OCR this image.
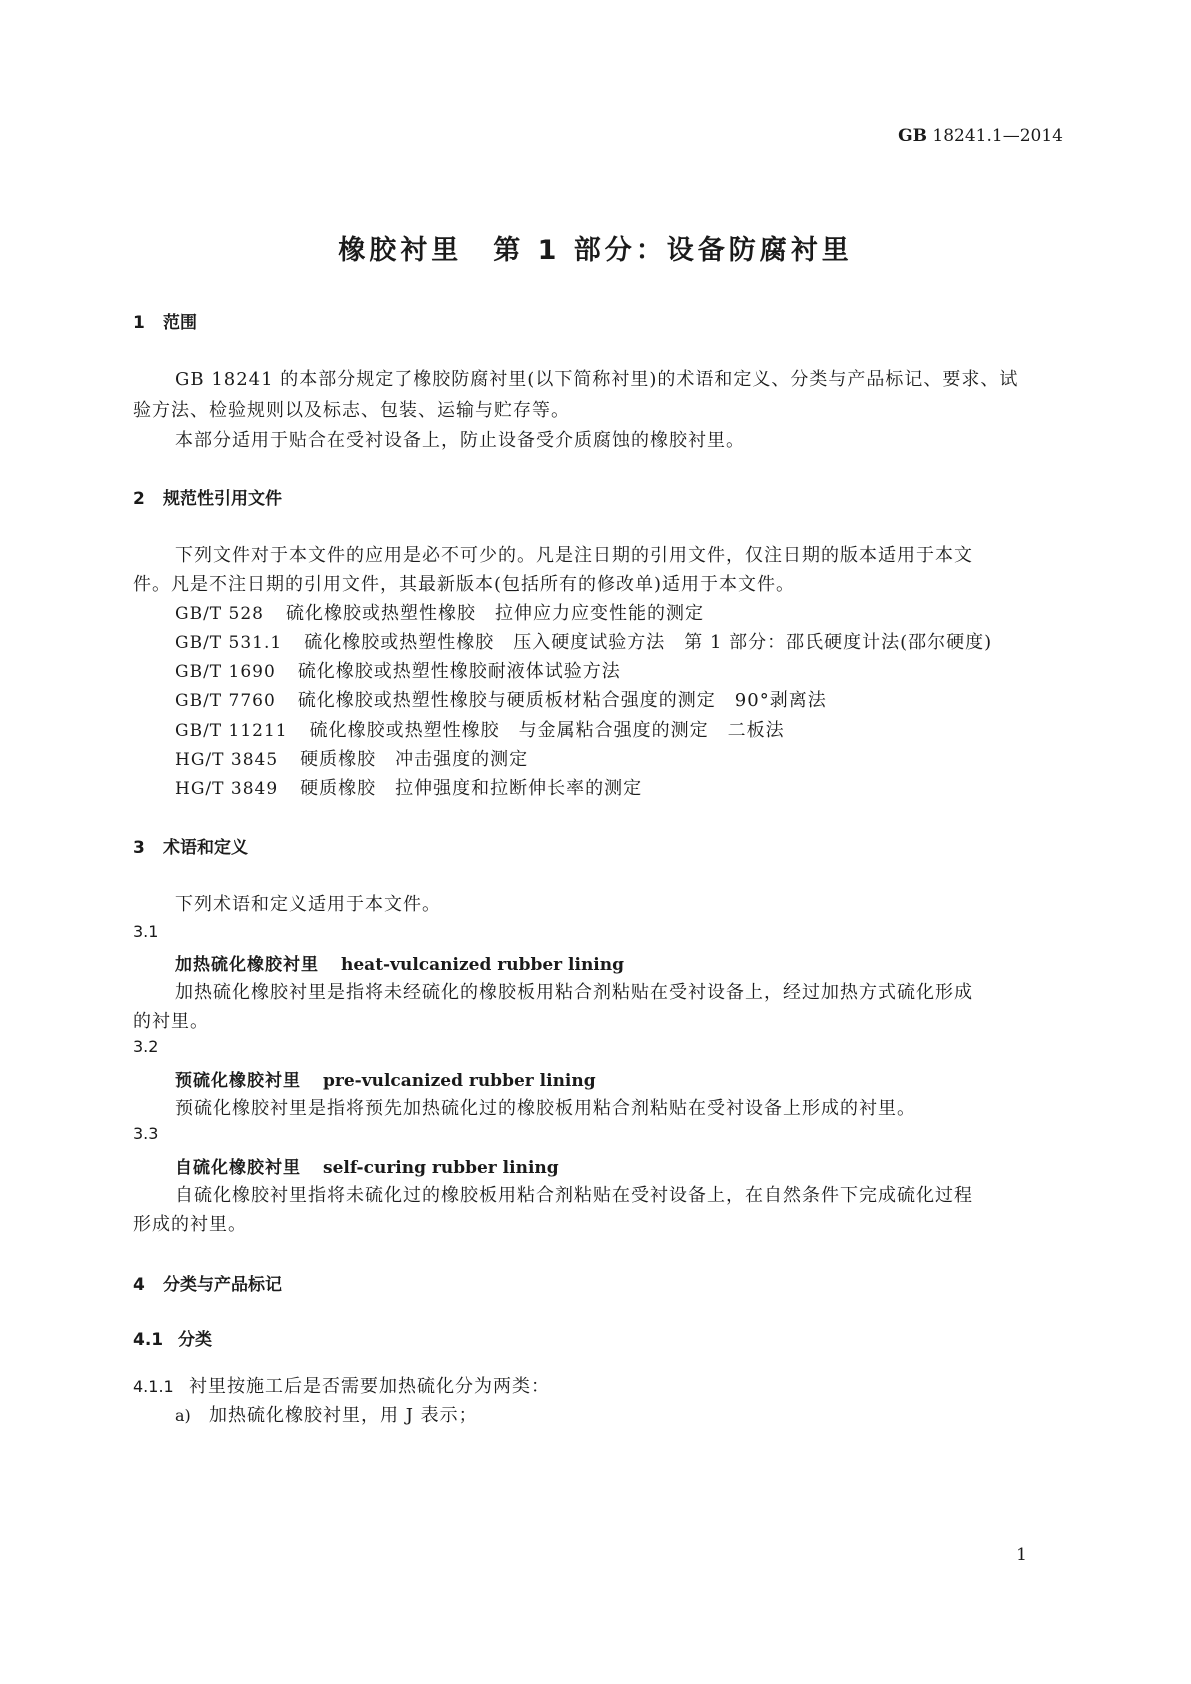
GB 18241.1—2014
橡胶衬里　第 1 部分：设备防腐衬里
1 范围
GB 18241 的本部分规定了橡胶防腐衬里(以下简称衬里)的术语和定义、分类与产品标记、要求、试
验方法、检验规则以及标志、包装、运输与贮存等。
本部分适用于贴合在受衬设备上，防止设备受介质腐蚀的橡胶衬里。
2 规范性引用文件
下列文件对于本文件的应用是必不可少的。凡是注日期的引用文件，仅注日期的版本适用于本文
件。凡是不注日期的引用文件，其最新版本(包括所有的修改单)适用于本文件。
GB/T 528 硫化橡胶或热塑性橡胶　拉伸应力应变性能的测定
GB/T 531.1 硫化橡胶或热塑性橡胶　压入硬度试验方法　第 1 部分：邵氏硬度计法(邵尔硬度)
GB/T 1690 硫化橡胶或热塑性橡胶耐液体试验方法
GB/T 7760 硫化橡胶或热塑性橡胶与硬质板材粘合强度的测定　90°剥离法
GB/T 11211 硫化橡胶或热塑性橡胶　与金属粘合强度的测定　二板法
HG/T 3845 硬质橡胶　冲击强度的测定
HG/T 3849 硬质橡胶　拉伸强度和拉断伸长率的测定
3 术语和定义
下列术语和定义适用于本文件。
3.1
加热硫化橡胶衬里 heat-vulcanized rubber lining
加热硫化橡胶衬里是指将未经硫化的橡胶板用粘合剂粘贴在受衬设备上，经过加热方式硫化形成
的衬里。
3.2
预硫化橡胶衬里 pre-vulcanized rubber lining
预硫化橡胶衬里是指将预先加热硫化过的橡胶板用粘合剂粘贴在受衬设备上形成的衬里。
3.3
自硫化橡胶衬里 self-curing rubber lining
自硫化橡胶衬里指将未硫化过的橡胶板用粘合剂粘贴在受衬设备上，在自然条件下完成硫化过程
形成的衬里。
4 分类与产品标记
4.1 分类
4.1.1 衬里按施工后是否需要加热硫化分为两类：
a) 加热硫化橡胶衬里，用 J 表示；
1
